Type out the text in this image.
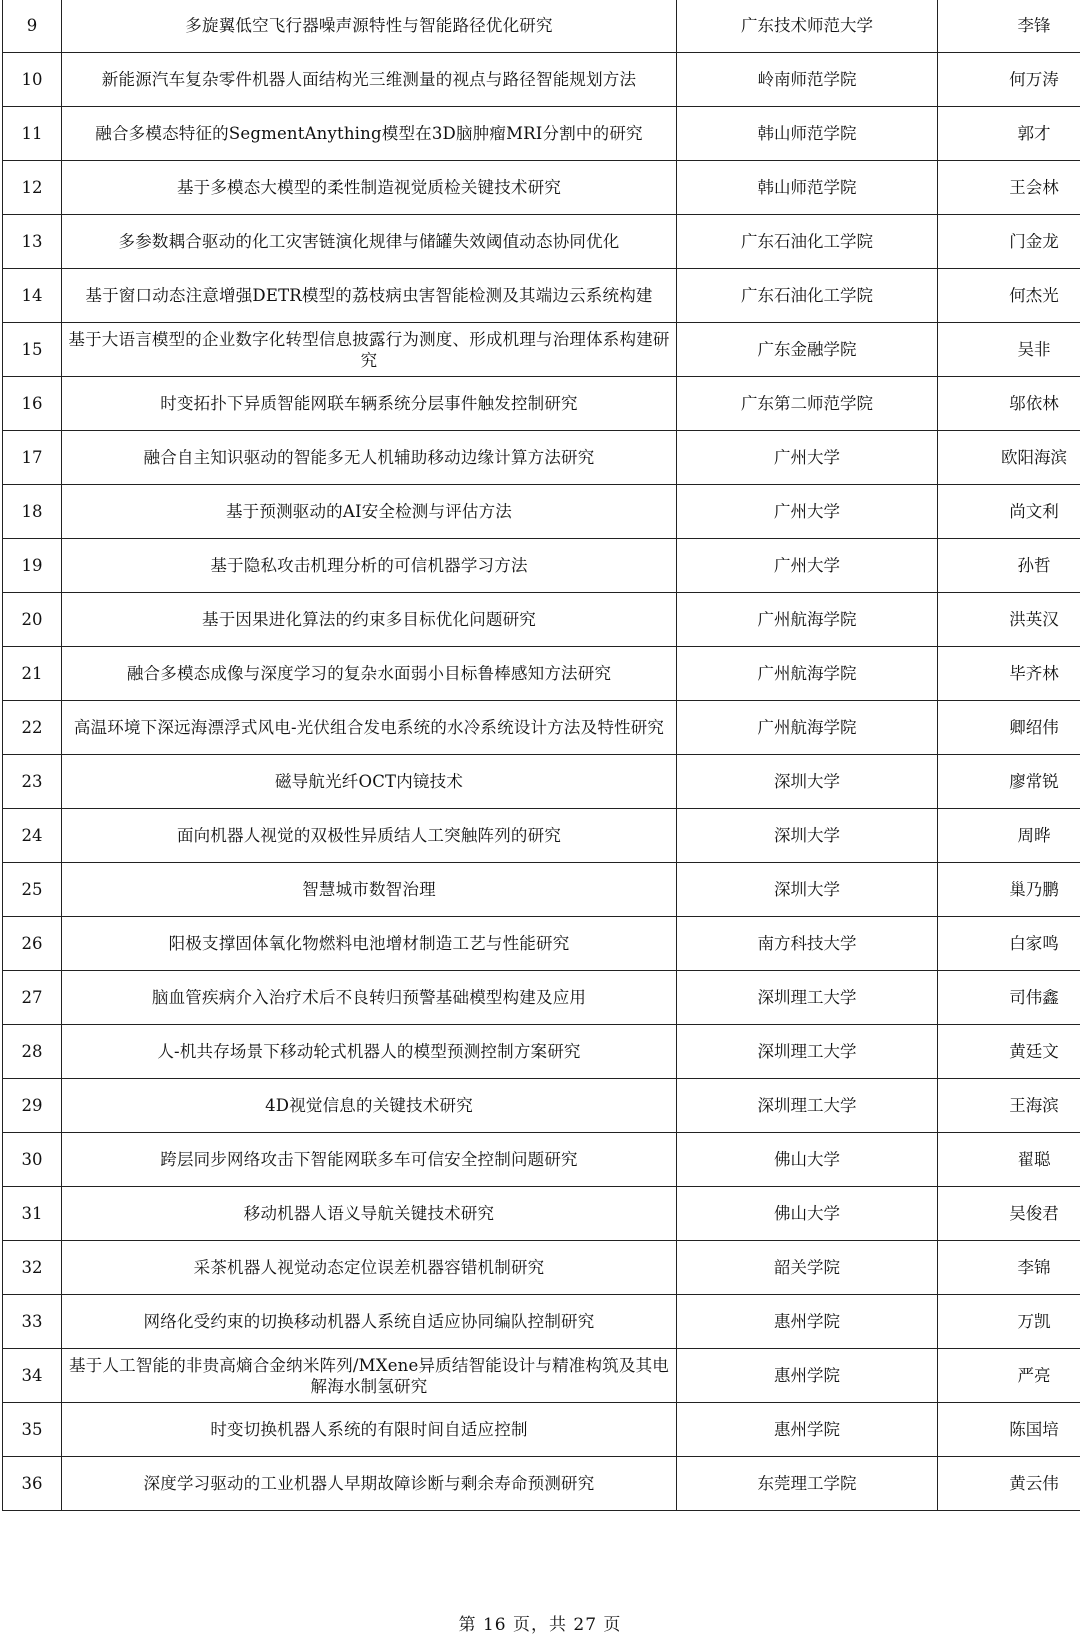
9	多旋翼低空飞行器噪声源特性与智能路径优化研究	广东技术师范大学	李锋
10	新能源汽车复杂零件机器人面结构光三维测量的视点与路径智能规划方法	岭南师范学院	何万涛
11	融合多模态特征的SegmentAnything模型在3D脑肿瘤MRI分割中的研究	韩山师范学院	郭才
12	基于多模态大模型的柔性制造视觉质检关键技术研究	韩山师范学院	王会林
13	多参数耦合驱动的化工灾害链演化规律与储罐失效阈值动态协同优化	广东石油化工学院	门金龙
14	基于窗口动态注意增强DETR模型的荔枝病虫害智能检测及其端边云系统构建	广东石油化工学院	何杰光
15	基于大语言模型的企业数字化转型信息披露行为测度、形成机理与治理体系构建研究	广东金融学院	吴非
16	时变拓扑下异质智能网联车辆系统分层事件触发控制研究	广东第二师范学院	邬依林
17	融合自主知识驱动的智能多无人机辅助移动边缘计算方法研究	广州大学	欧阳海滨
18	基于预测驱动的AI安全检测与评估方法	广州大学	尚文利
19	基于隐私攻击机理分析的可信机器学习方法	广州大学	孙哲
20	基于因果进化算法的约束多目标优化问题研究	广州航海学院	洪英汉
21	融合多模态成像与深度学习的复杂水面弱小目标鲁棒感知方法研究	广州航海学院	毕齐林
22	高温环境下深远海漂浮式风电-光伏组合发电系统的水冷系统设计方法及特性研究	广州航海学院	卿绍伟
23	磁导航光纤OCT内镜技术	深圳大学	廖常锐
24	面向机器人视觉的双极性异质结人工突触阵列的研究	深圳大学	周晔
25	智慧城市数智治理	深圳大学	巢乃鹏
26	阳极支撑固体氧化物燃料电池增材制造工艺与性能研究	南方科技大学	白家鸣
27	脑血管疾病介入治疗术后不良转归预警基础模型构建及应用	深圳理工大学	司伟鑫
28	人-机共存场景下移动轮式机器人的模型预测控制方案研究	深圳理工大学	黄廷文
29	4D视觉信息的关键技术研究	深圳理工大学	王海滨
30	跨层同步网络攻击下智能网联多车可信安全控制问题研究	佛山大学	翟聪
31	移动机器人语义导航关键技术研究	佛山大学	吴俊君
32	采茶机器人视觉动态定位误差机器容错机制研究	韶关学院	李锦
33	网络化受约束的切换移动机器人系统自适应协同编队控制研究	惠州学院	万凯
34	基于人工智能的非贵高熵合金纳米阵列/MXene异质结智能设计与精准构筑及其电解海水制氢研究	惠州学院	严亮
35	时变切换机器人系统的有限时间自适应控制	惠州学院	陈国培
36	深度学习驱动的工业机器人早期故障诊断与剩余寿命预测研究	东莞理工学院	黄云伟
第 16 页，共 27 页
